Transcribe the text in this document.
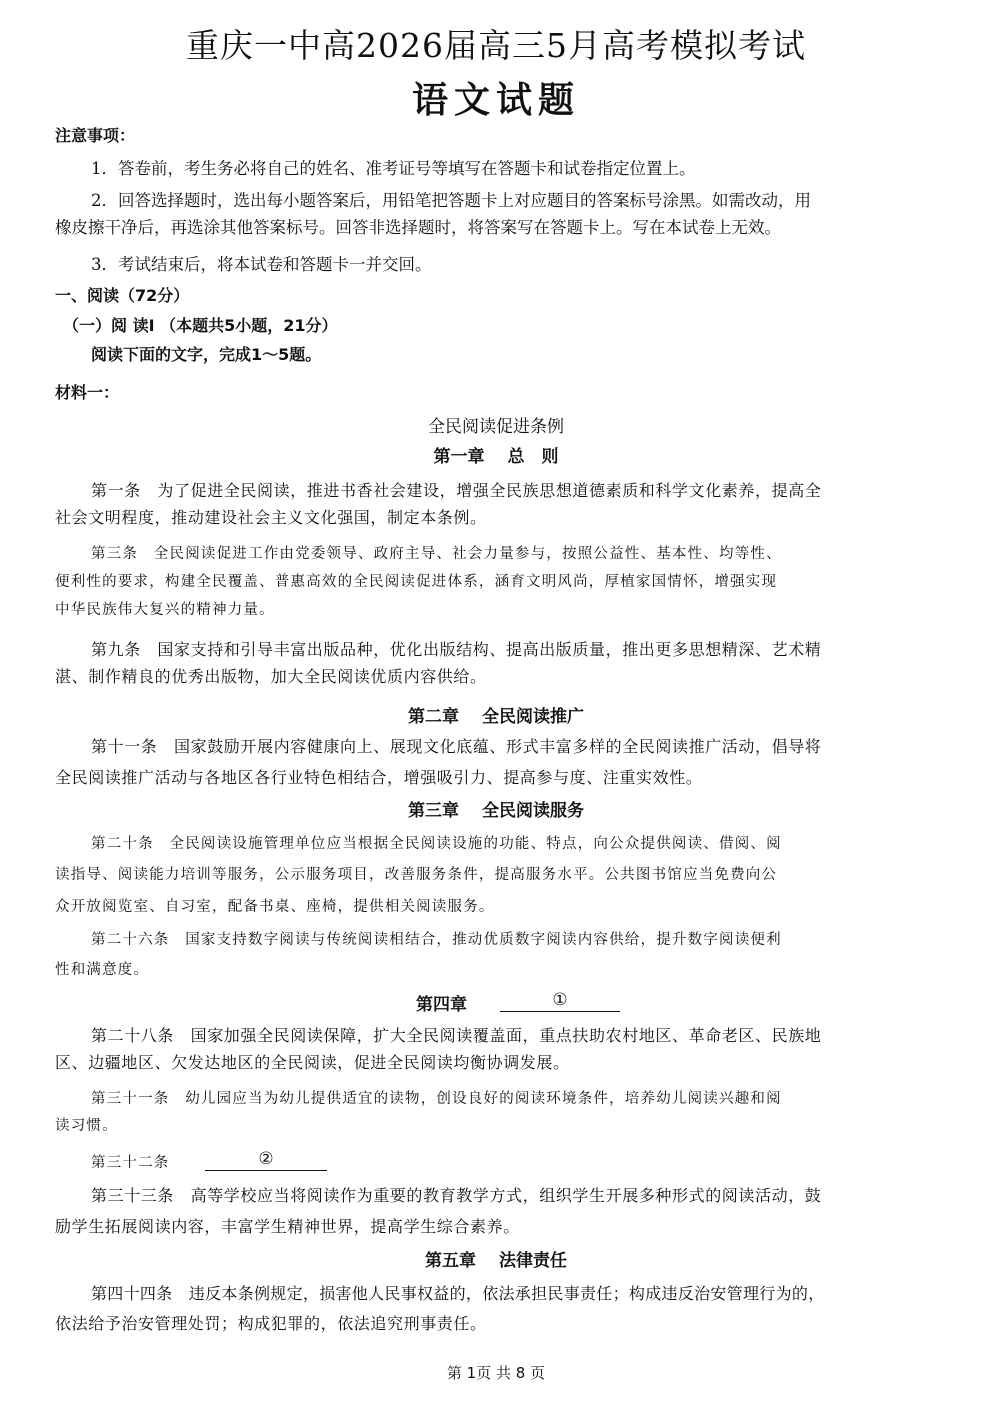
重庆一中高2026届高三5月高考模拟考试
语文试题
注意事项：
1．答卷前，考生务必将自己的姓名、准考证号等填写在答题卡和试卷指定位置上。
2．回答选择题时，选出每小题答案后，用铅笔把答题卡上对应题目的答案标号涂黑。如需改动，用
橡皮擦干净后，再选涂其他答案标号。回答非选择题时，将答案写在答题卡上。写在本试卷上无效。
3．考试结束后，将本试卷和答题卡一并交回。
一、阅读（72分）
（一）阅 读Ⅰ （本题共5小题，21分）
阅读下面的文字，完成1～5题。
材料一：
全民阅读促进条例
第一章　 总　则
第一条　为了促进全民阅读，推进书香社会建设，增强全民族思想道德素质和科学文化素养，提高全
社会文明程度，推动建设社会主义文化强国，制定本条例。
第三条　全民阅读促进工作由党委领导、政府主导、社会力量参与，按照公益性、基本性、均等性、
便利性的要求，构建全民覆盖、普惠高效的全民阅读促进体系，涵育文明风尚，厚植家国情怀，增强实现
中华民族伟大复兴的精神力量。
第九条　国家支持和引导丰富出版品种，优化出版结构、提高出版质量，推出更多思想精深、艺术精
湛、制作精良的优秀出版物，加大全民阅读优质内容供给。
第二章　 全民阅读推广
第十一条　国家鼓励开展内容健康向上、展现文化底蕴、形式丰富多样的全民阅读推广活动，倡导将
全民阅读推广活动与各地区各行业特色相结合，增强吸引力、提高参与度、注重实效性。
第三章　 全民阅读服务
第二十条　全民阅读设施管理单位应当根据全民阅读设施的功能、特点，向公众提供阅读、借阅、阅
读指导、阅读能力培训等服务，公示服务项目，改善服务条件，提高服务水平。公共图书馆应当免费向公
众开放阅览室、自习室，配备书桌、座椅，提供相关阅读服务。
第二十六条　国家支持数字阅读与传统阅读相结合，推动优质数字阅读内容供给，提升数字阅读便利
性和满意度。
第四章	①
第二十八条　国家加强全民阅读保障，扩大全民阅读覆盖面，重点扶助农村地区、革命老区、民族地
区、边疆地区、欠发达地区的全民阅读，促进全民阅读均衡协调发展。
第三十一条　幼儿园应当为幼儿提供适宜的读物，创设良好的阅读环境条件，培养幼儿阅读兴趣和阅
读习惯。
第三十二条	②
第三十三条　高等学校应当将阅读作为重要的教育教学方式，组织学生开展多种形式的阅读活动，鼓
励学生拓展阅读内容，丰富学生精神世界，提高学生综合素养。
第五章　 法律责任
第四十四条　违反本条例规定，损害他人民事权益的，依法承担民事责任；构成违反治安管理行为的，
依法给予治安管理处罚；构成犯罪的，依法追究刑事责任。
第 1页 共 8 页
